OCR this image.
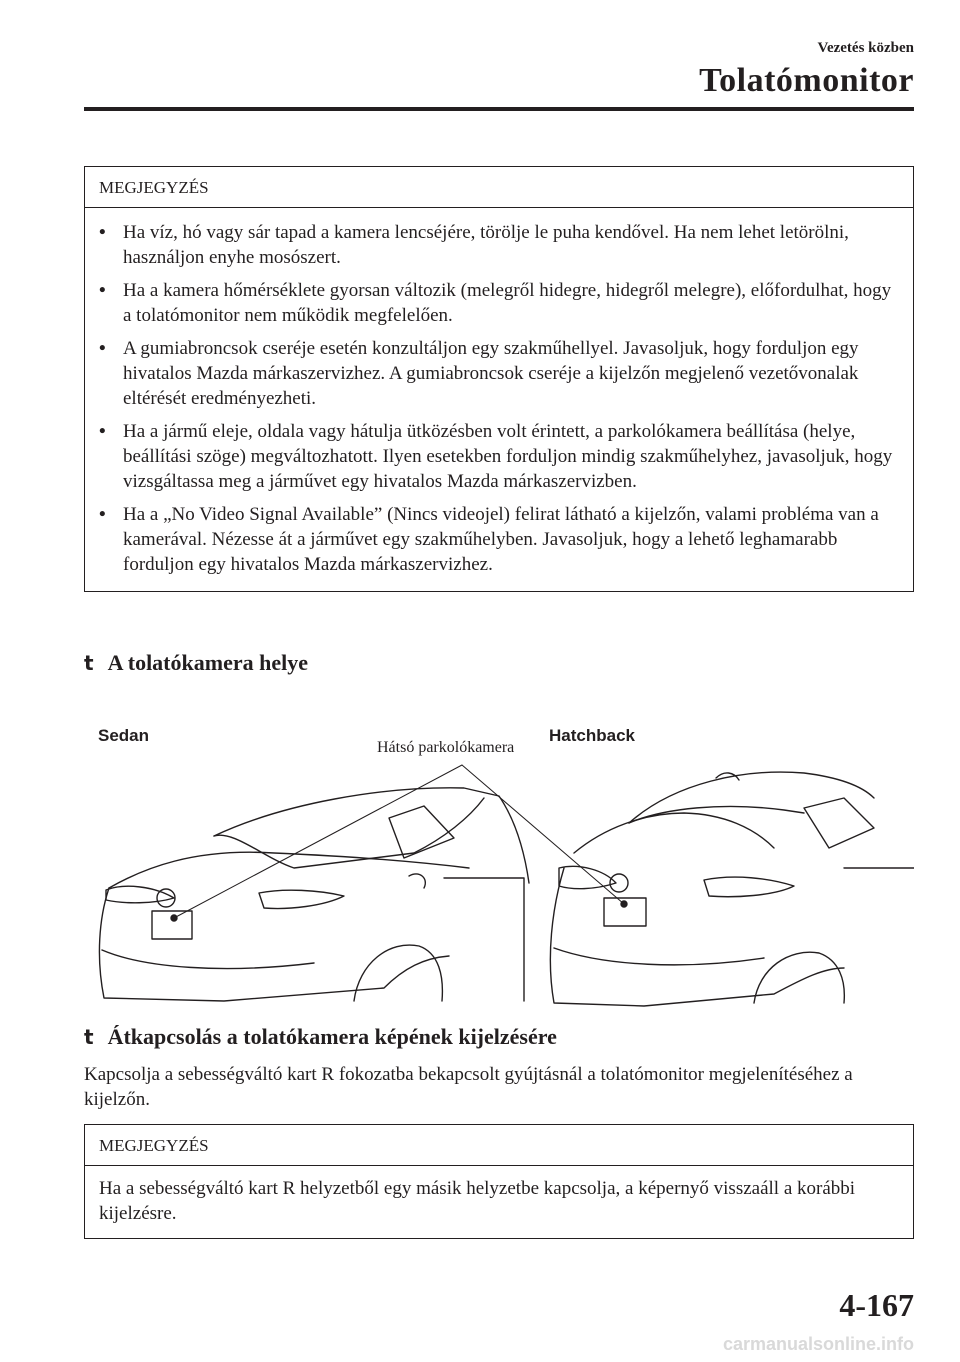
Vezetés közben
Tolatómonitor
MEGJEGYZÉS
• Ha víz, hó vagy sár tapad a kamera lencséjére, törölje le puha kendővel. Ha nem lehet letörölni, használjon enyhe mosószert.
• Ha a kamera hőmérséklete gyorsan változik (melegről hidegre, hidegről melegre), előfordulhat, hogy a tolatómonitor nem működik megfelelően.
• A gumiabroncsok cseréje esetén konzultáljon egy szakműhellyel. Javasoljuk, hogy forduljon egy hivatalos Mazda márkaszervizhez. A gumiabroncsok cseréje a kijelzőn megjelenő vezetővonalak eltérését eredményezheti.
• Ha a jármű eleje, oldala vagy hátulja ütközésben volt érintett, a parkolókamera beállítása (helye, beállítási szöge) megváltozhatott. Ilyen esetekben forduljon mindig szakműhelyhez, javasoljuk, hogy vizsgáltassa meg a járművet egy hivatalos Mazda márkaszervizben.
• Ha a „No Video Signal Available” (Nincs videojel) felirat látható a kijelzőn, valami probléma van a kamerával. Nézesse át a járművet egy szakműhelyben. Javasoljuk, hogy a lehető leghamarabb forduljon egy hivatalos Mazda márkaszervizhez.
t A tolatókamera helye
Sedan	Hatchback
Hátsó parkolókamera
t Átkapcsolás a tolatókamera képének kijelzésére
Kapcsolja a sebességváltó kart R fokozatba bekapcsolt gyújtásnál a tolatómonitor megjelenítéséhez a kijelzőn.
MEGJEGYZÉS
Ha a sebességváltó kart R helyzetből egy másik helyzetbe kapcsolja, a képernyő visszaáll a korábbi kijelzésre.
4-167
carmanualsonline.info
